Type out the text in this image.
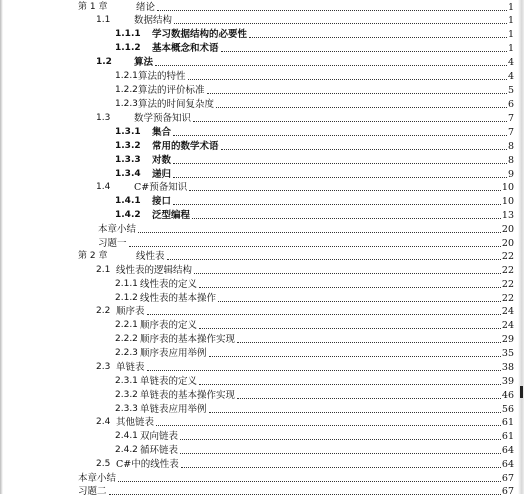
第 1 章	绪论	1
1.1 数据结构	1
1.1.1 学习数据结构的必要性	1
1.1.2 基本概念和术语	1
1.2 算法	4
1.2.1 算法的特性	4
1.2.2 算法的评价标准	5
1.2.3 算法的时间复杂度	6
1.3 数学预备知识	7
1.3.1 集合	7
1.3.2 常用的数学术语	8
1.3.3 对数	8
1.3.4 递归	9
1.4 C#预备知识	10
1.4.1 接口	10
1.4.2 泛型编程	13
本章小结	20
习题一	20
第 2 章	线性表	22
2.1 线性表的逻辑结构	22
2.1.1 线性表的定义	22
2.1.2 线性表的基本操作	22
2.2 顺序表	24
2.2.1 顺序表的定义	24
2.2.2 顺序表的基本操作实现	29
2.2.3 顺序表应用举例	35
2.3 单链表	38
2.3.1 单链表的定义	39
2.3.2 单链表的基本操作实现	46
2.3.3 单链表应用举例	56
2.4 其他链表	61
2.4.1 双向链表	61
2.4.2 循环链表	64
2.5 C#中的线性表	64
本章小结	67
习题二	67
